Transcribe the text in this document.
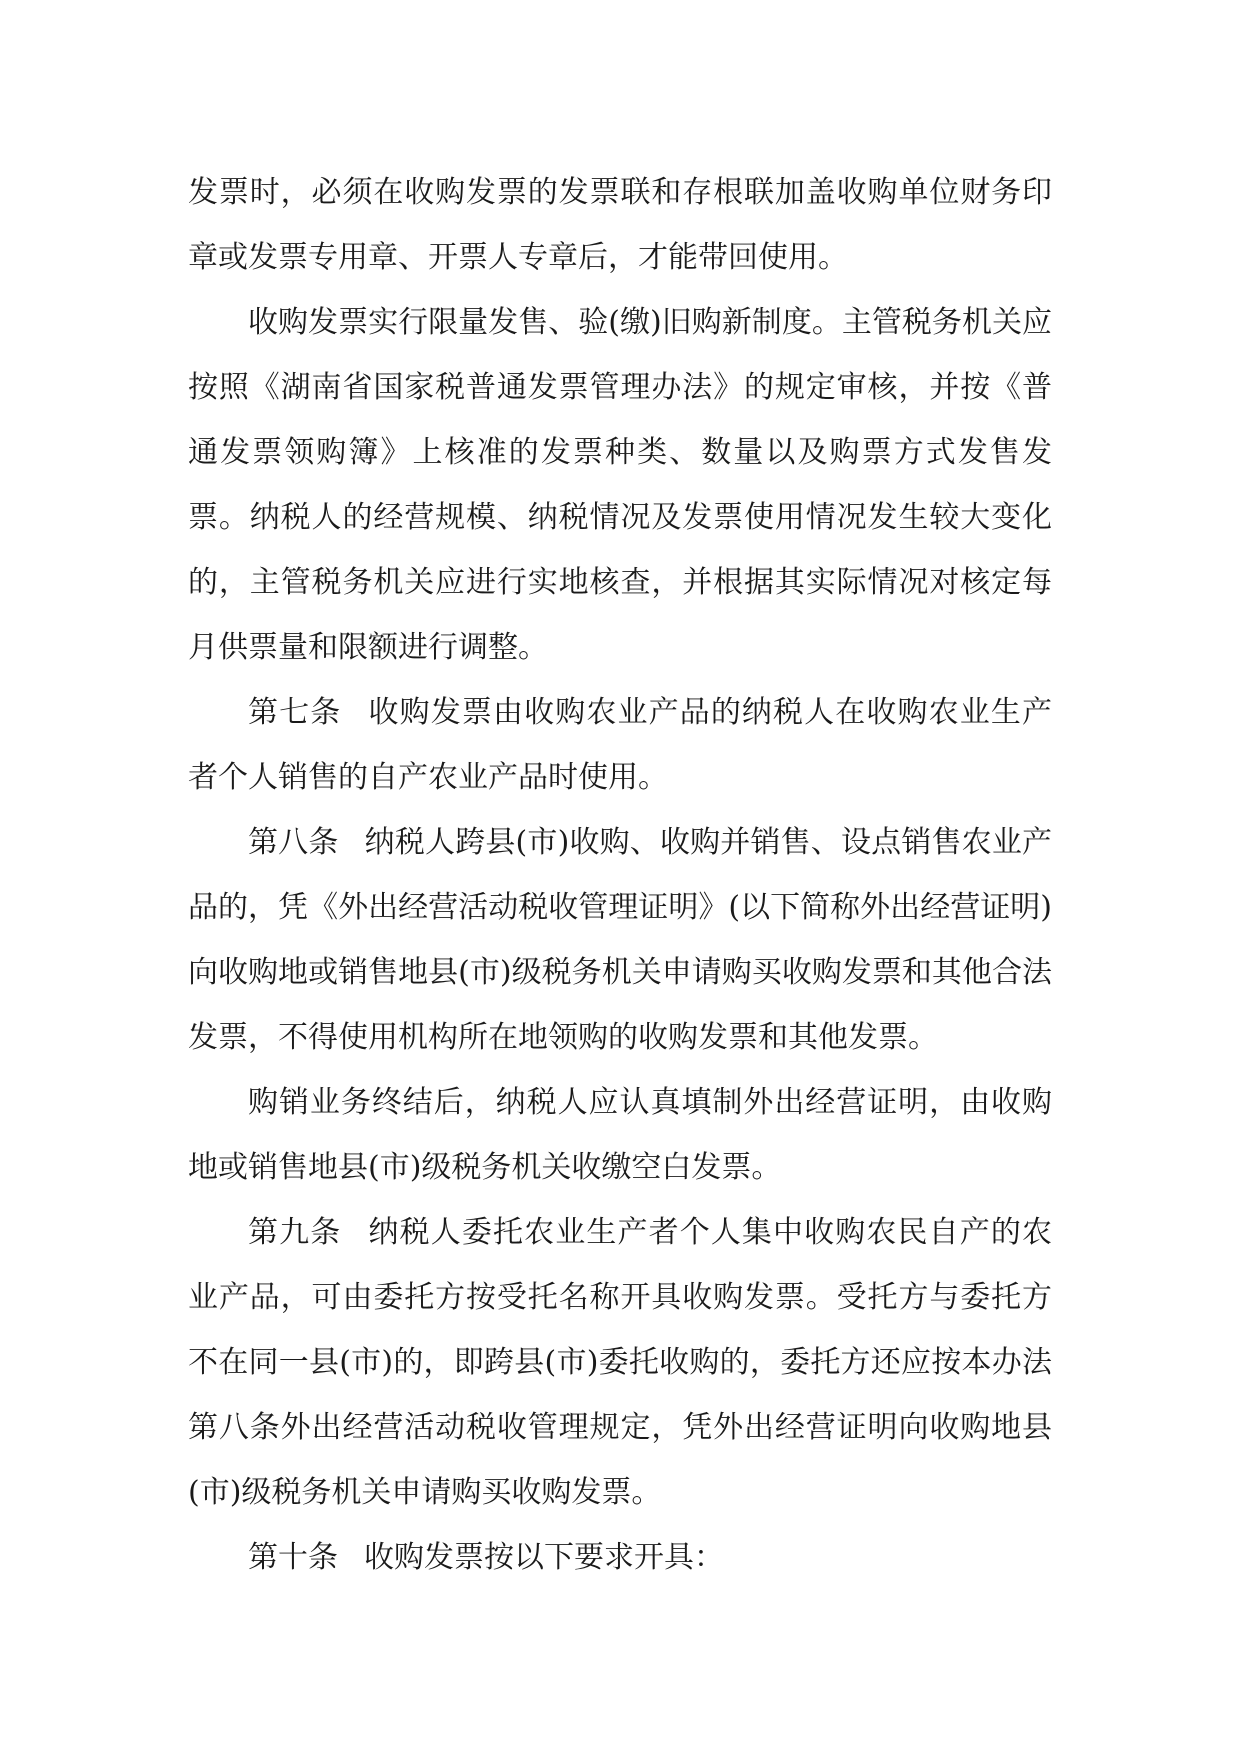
发票时，必须在收购发票的发票联和存根联加盖收购单位财务印章或发票专用章、开票人专章后，才能带回使用。

收购发票实行限量发售、验(缴)旧购新制度。主管税务机关应按照《湖南省国家税普通发票管理办法》的规定审核，并按《普通发票领购簿》上核准的发票种类、数量以及购票方式发售发票。纳税人的经营规模、纳税情况及发票使用情况发生较大变化的，主管税务机关应进行实地核查，并根据其实际情况对核定每月供票量和限额进行调整。

第七条 收购发票由收购农业产品的纳税人在收购农业生产者个人销售的自产农业产品时使用。

第八条 纳税人跨县(市)收购、收购并销售、设点销售农业产品的，凭《外出经营活动税收管理证明》(以下简称外出经营证明)向收购地或销售地县(市)级税务机关申请购买收购发票和其他合法发票，不得使用机构所在地领购的收购发票和其他发票。

购销业务终结后，纳税人应认真填制外出经营证明，由收购地或销售地县(市)级税务机关收缴空白发票。

第九条 纳税人委托农业生产者个人集中收购农民自产的农业产品，可由委托方按受托名称开具收购发票。受托方与委托方不在同一县(市)的，即跨县(市)委托收购的，委托方还应按本办法第八条外出经营活动税收管理规定，凭外出经营证明向收购地县(市)级税务机关申请购买收购发票。

第十条 收购发票按以下要求开具：
